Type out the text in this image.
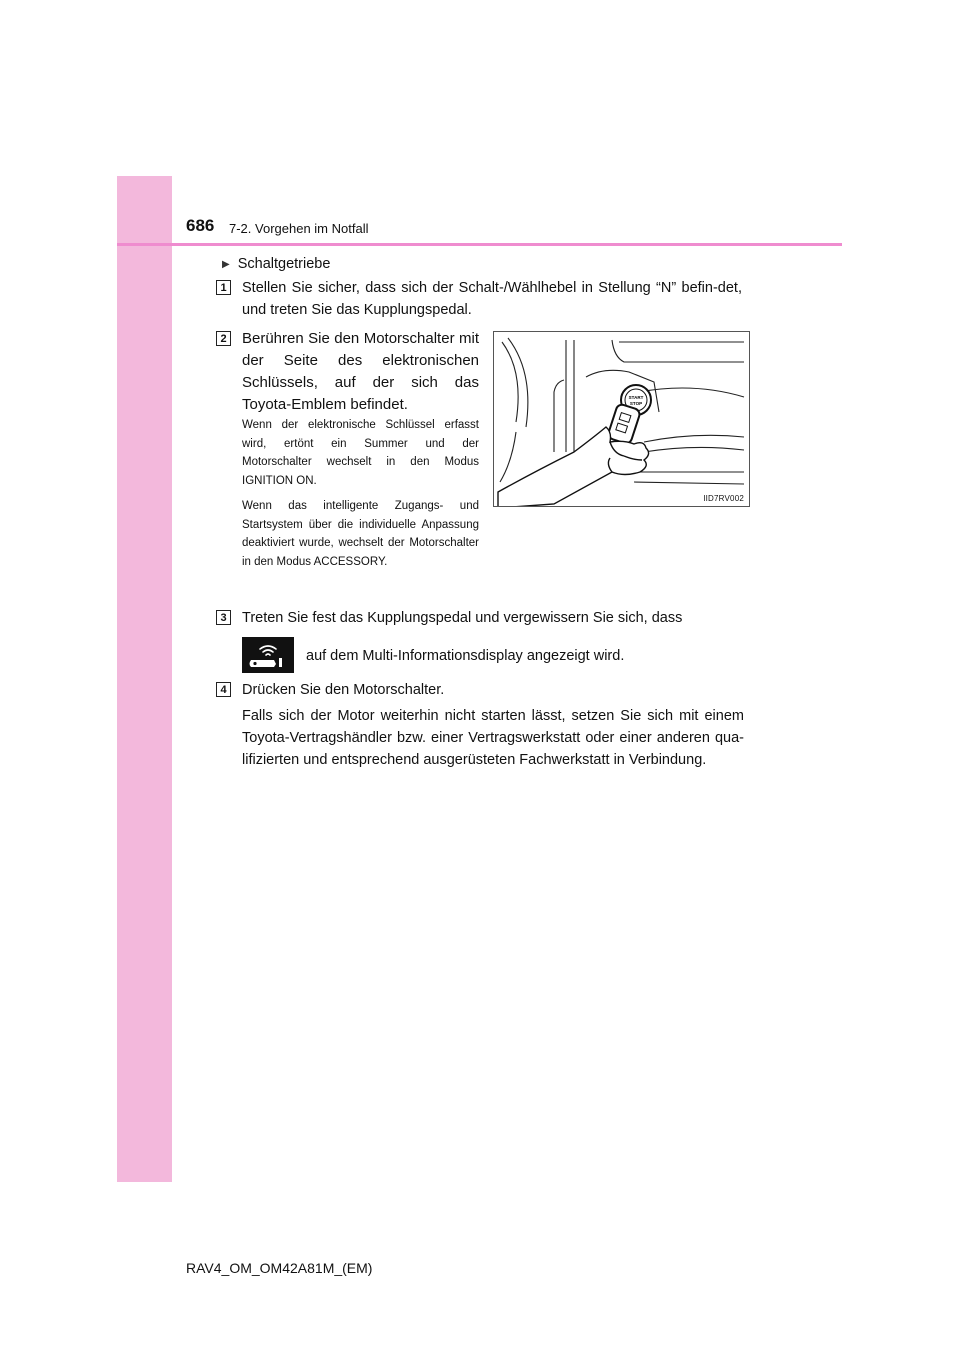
686 7-2. Vorgehen im Notfall
▶ Schaltgetriebe
1	Stellen Sie sicher, dass sich der Schalt-/Wählhebel in Stellung “N” befin-det, und treten Sie das Kupplungspedal.
2 Berühren Sie den Motorschalter mit der Seite des elektronischen Schlüssels, auf der sich das Toyota-Emblem befindet.
Wenn der elektronische Schlüssel erfasst wird, ertönt ein Summer und der Motorschalter wechselt in den Modus IGNITION ON.
Wenn das intelligente Zugangs- und Startsystem über die individuelle Anpassung deaktiviert wurde, wechselt der Motorschalter in den Modus ACCESSORY.
START
STOP
IID7RV002
3	Treten Sie fest das Kupplungspedal und vergewissern Sie sich, dass
auf dem Multi-Informationsdisplay angezeigt wird.
4	Drücken Sie den Motorschalter.
Falls sich der Motor weiterhin nicht starten lässt, setzen Sie sich mit einem Toyota-Vertragshändler bzw. einer Vertragswerkstatt oder einer anderen qua-lifizierten und entsprechend ausgerüsteten Fachwerkstatt in Verbindung.
RAV4_OM_OM42A81M_(EM)
